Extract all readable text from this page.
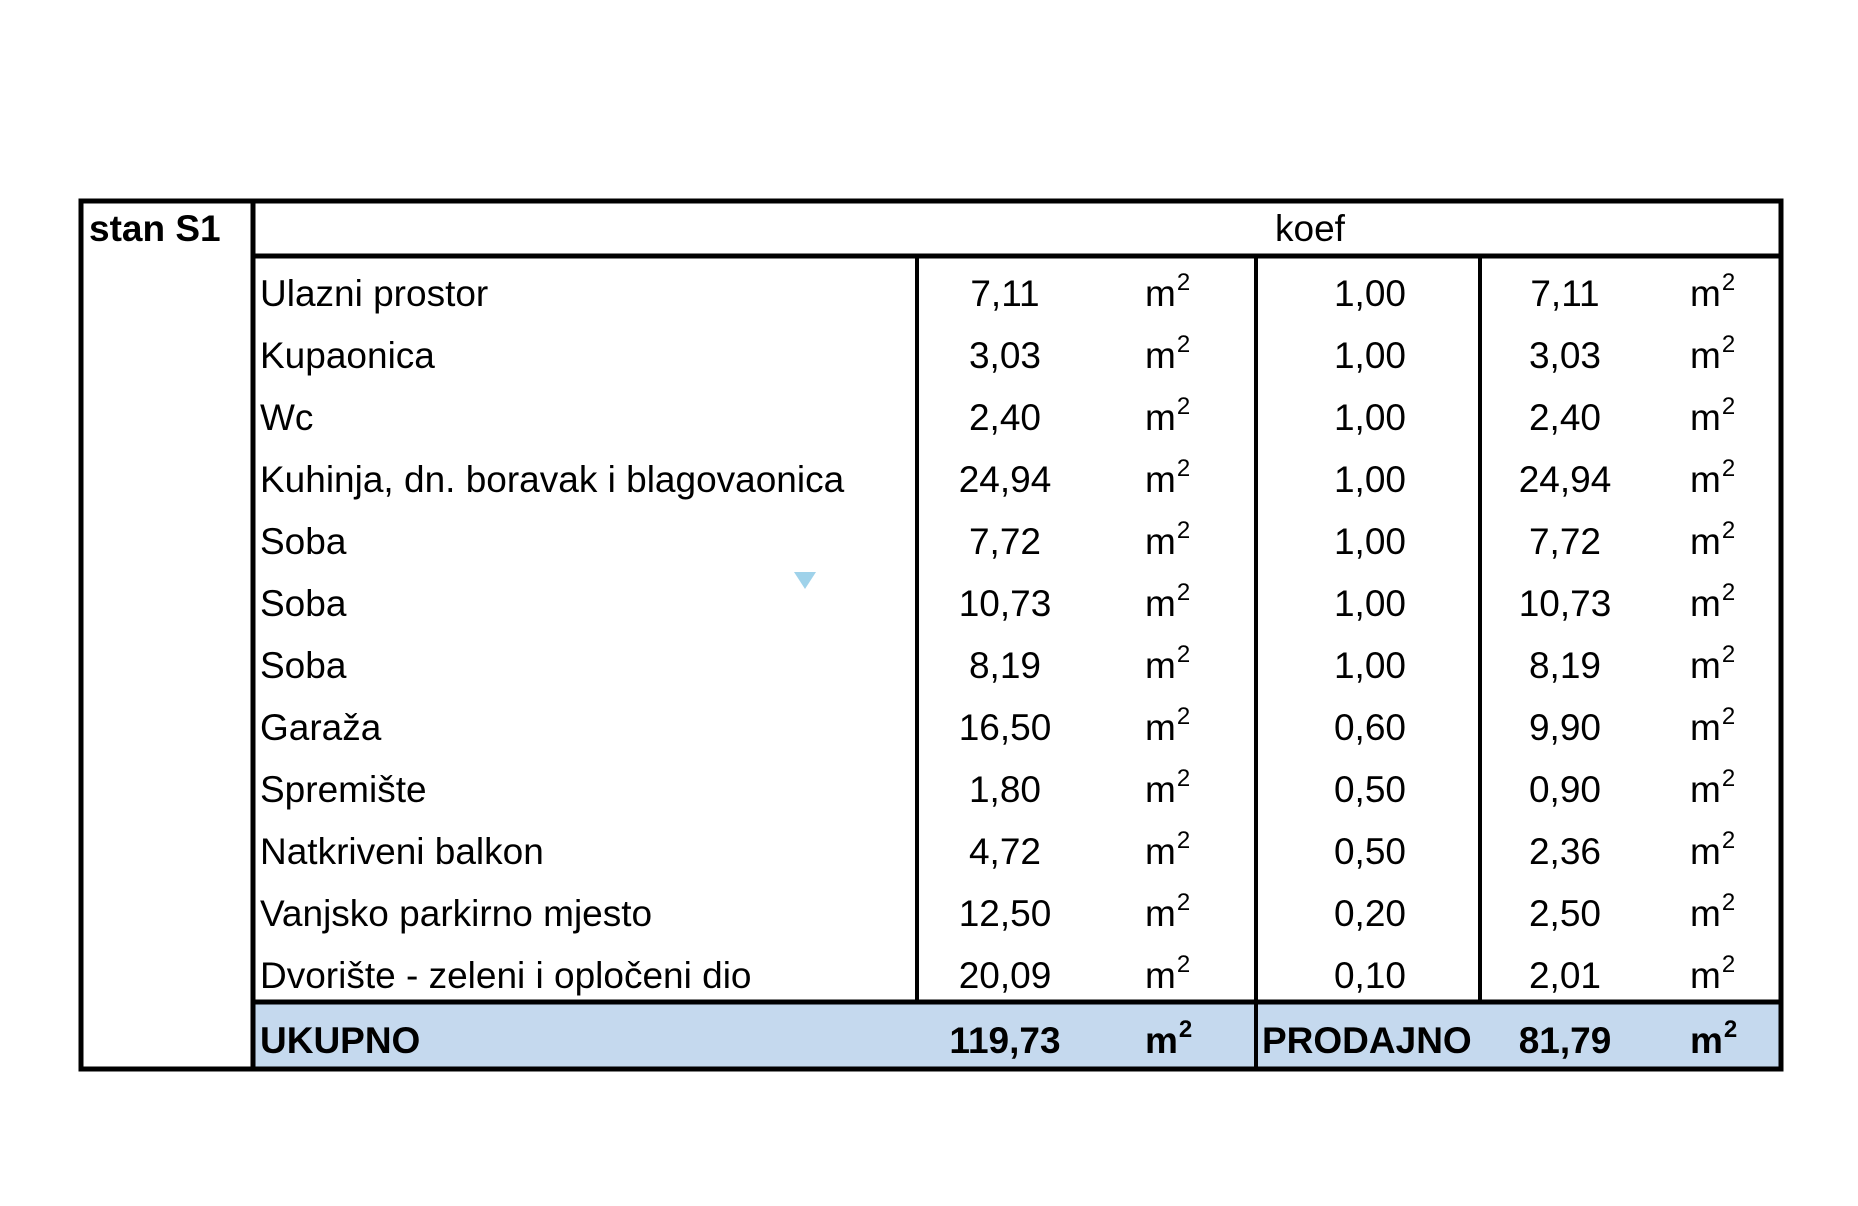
stan S1	koef
Ulazni prostor	7,11	$m^2$	1,00	7,11	$m^2$
Kupaonica	3,03	$m^2$	1,00	3,03	$m^2$
Wc	2,40	$m^2$	1,00	2,40	$m^2$
Kuhinja, dn. boravak i blagovaonica	24,94	$m^2$	1,00	24,94	$m^2$
Soba	7,72	$m^2$	1,00	7,72	$m^2$
Soba	10,73	$m^2$	1,00	10,73	$m^2$
Soba	8,19	$m^2$	1,00	8,19	$m^2$
Garaža	16,50	$m^2$	0,60	9,90	$m^2$
Spremište	1,80	$m^2$	0,50	0,90	$m^2$
Natkriveni balkon	4,72	$m^2$	0,50	2,36	$m^2$
Vanjsko parkirno mjesto	12,50	$m^2$	0,20	2,50	$m^2$
Dvorište - zeleni i opločeni dio	20,09	$m^2$	0,10	2,01	$m^2$
UKUPNO	119,73	$m^2$ PRODAJNO	81,79	$m^2$
